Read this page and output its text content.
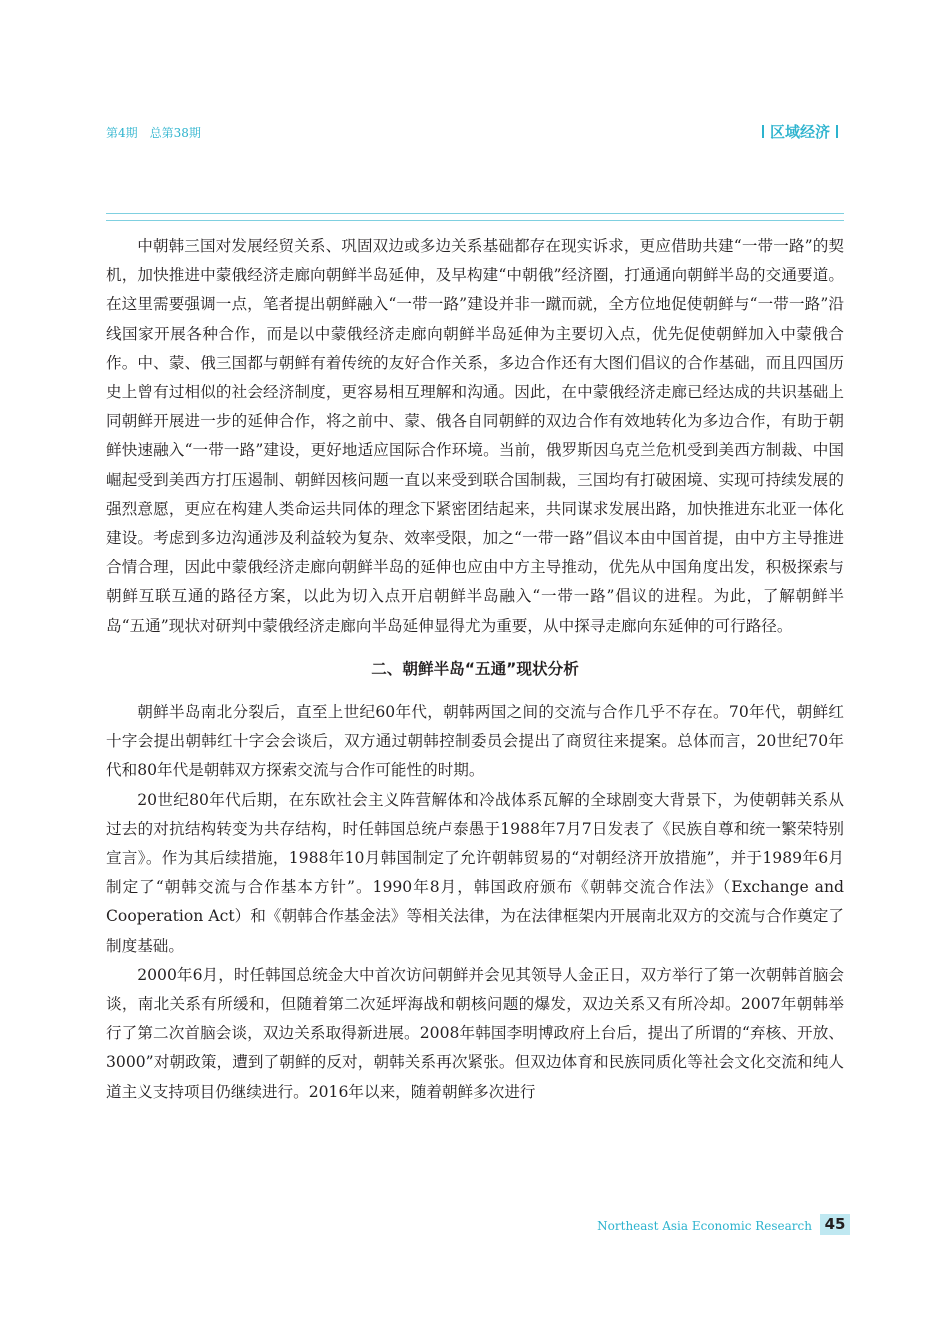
第4期　总第38期	区域经济

中朝韩三国对发展经贸关系、巩固双边或多边关系基础都存在现实诉求，更应借助共建“一带一路”的契机，加快推进中蒙俄经济走廊向朝鲜半岛延伸，及早构建“中朝俄”经济圈，打通通向朝鲜半岛的交通要道。在这里需要强调一点，笔者提出朝鲜融入“一带一路”建设并非一蹴而就，全方位地促使朝鲜与“一带一路”沿线国家开展各种合作，而是以中蒙俄经济走廊向朝鲜半岛延伸为主要切入点，优先促使朝鲜加入中蒙俄合作。中、蒙、俄三国都与朝鲜有着传统的友好合作关系，多边合作还有大图们倡议的合作基础，而且四国历史上曾有过相似的社会经济制度，更容易相互理解和沟通。因此，在中蒙俄经济走廊已经达成的共识基础上同朝鲜开展进一步的延伸合作，将之前中、蒙、俄各自同朝鲜的双边合作有效地转化为多边合作，有助于朝鲜快速融入“一带一路”建设，更好地适应国际合作环境。当前，俄罗斯因乌克兰危机受到美西方制裁、中国崛起受到美西方打压遏制、朝鲜因核问题一直以来受到联合国制裁，三国均有打破困境、实现可持续发展的强烈意愿，更应在构建人类命运共同体的理念下紧密团结起来，共同谋求发展出路，加快推进东北亚一体化建设。考虑到多边沟通涉及利益较为复杂、效率受限，加之“一带一路”倡议本由中国首提，由中方主导推进合情合理，因此中蒙俄经济走廊向朝鲜半岛的延伸也应由中方主导推动，优先从中国角度出发，积极探索与朝鲜互联互通的路径方案，以此为切入点开启朝鲜半岛融入“一带一路”倡议的进程。为此，了解朝鲜半岛“五通”现状对研判中蒙俄经济走廊向半岛延伸显得尤为重要，从中探寻走廊向东延伸的可行路径。

二、朝鲜半岛“五通”现状分析

朝鲜半岛南北分裂后，直至上世纪60年代，朝韩两国之间的交流与合作几乎不存在。70年代，朝鲜红十字会提出朝韩红十字会会谈后，双方通过朝韩控制委员会提出了商贸往来提案。总体而言，20世纪70年代和80年代是朝韩双方探索交流与合作可能性的时期。

20世纪80年代后期，在东欧社会主义阵营解体和冷战体系瓦解的全球剧变大背景下，为使朝韩关系从过去的对抗结构转变为共存结构，时任韩国总统卢泰愚于1988年7月7日发表了《民族自尊和统一繁荣特别宣言》。作为其后续措施，1988年10月韩国制定了允许朝韩贸易的“对朝经济开放措施”，并于1989年6月制定了“朝韩交流与合作基本方针”。1990年8月，韩国政府颁布《朝韩交流合作法》（Exchange and Cooperation Act）和《朝韩合作基金法》等相关法律，为在法律框架内开展南北双方的交流与合作奠定了制度基础。

2000年6月，时任韩国总统金大中首次访问朝鲜并会见其领导人金正日，双方举行了第一次朝韩首脑会谈，南北关系有所缓和，但随着第二次延坪海战和朝核问题的爆发，双边关系又有所冷却。2007年朝韩举行了第二次首脑会谈，双边关系取得新进展。2008年韩国李明博政府上台后，提出了所谓的“弃核、开放、3000”对朝政策，遭到了朝鲜的反对，朝韩关系再次紧张。但双边体育和民族同质化等社会文化交流和纯人道主义支持项目仍继续进行。2016年以来，随着朝鲜多次进行

Northeast Asia Economic Research 45
